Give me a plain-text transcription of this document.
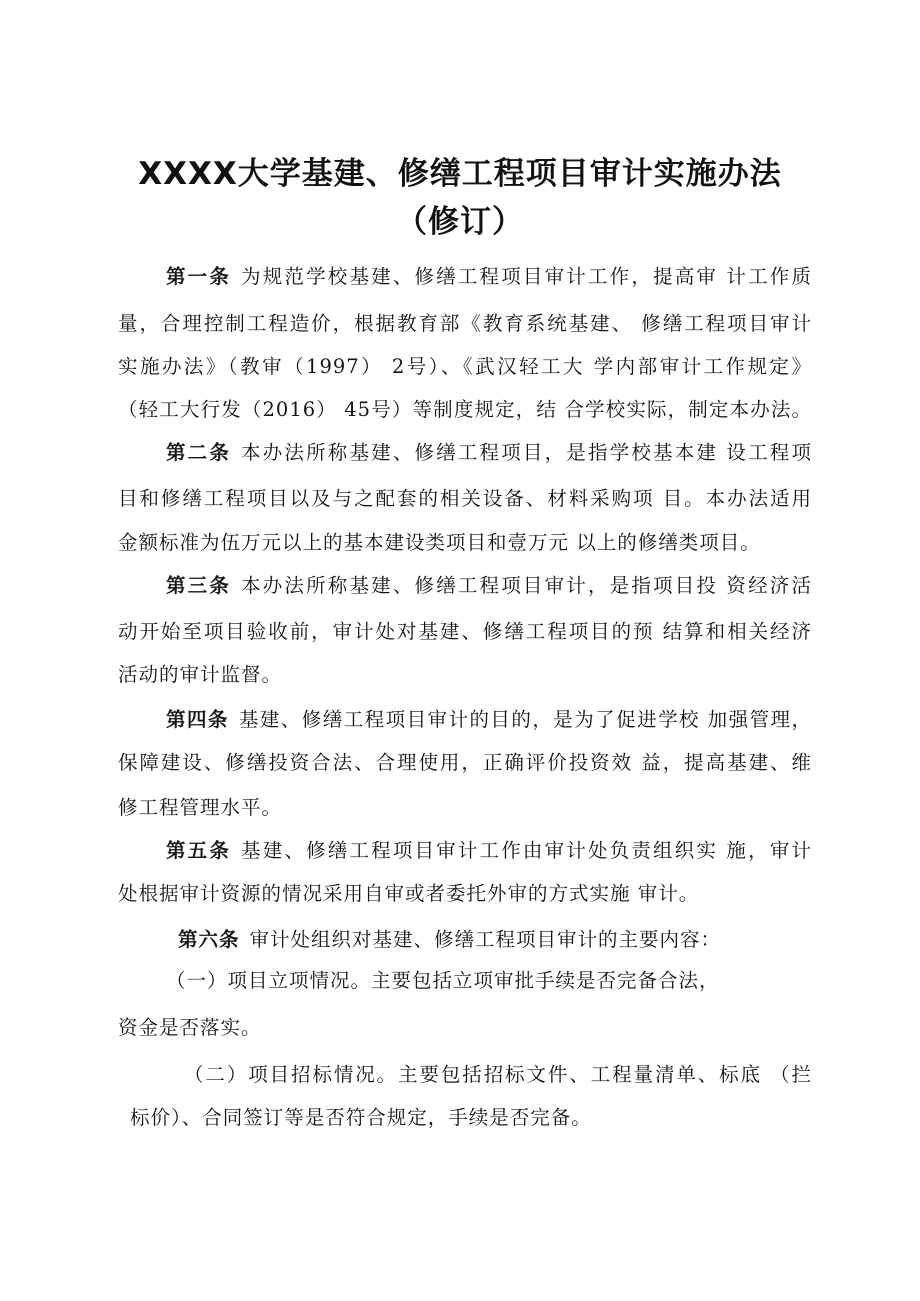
XXXX大学基建、修缮工程项目审计实施办法
（修订）
第一条 为规范学校基建、修缮工程项目审计工作，提高审 计工作质
量，合理控制工程造价，根据教育部《教育系统基建、 修缮工程项目审计
实施办法》（教审（1997） 2号）、《武汉轻工大 学内部审计工作规定》
（轻工大行发（2016） 45号）等制度规定，结 合学校实际，制定本办法。
第二条 本办法所称基建、修缮工程项目，是指学校基本建 设工程项
目和修缮工程项目以及与之配套的相关设备、材料采购项 目。本办法适用
金额标准为伍万元以上的基本建设类项目和壹万元 以上的修缮类项目。
第三条 本办法所称基建、修缮工程项目审计，是指项目投 资经济活
动开始至项目验收前，审计处对基建、修缮工程项目的预 结算和相关经济
活动的审计监督。
第四条 基建、修缮工程项目审计的目的，是为了促进学校 加强管理，
保障建设、修缮投资合法、合理使用，正确评价投资效 益，提高基建、维
修工程管理水平。
第五条 基建、修缮工程项目审计工作由审计处负责组织实 施，审计
处根据审计资源的情况采用自审或者委托外审的方式实施 审计。
第六条 审计处组织对基建、修缮工程项目审计的主要内容：
（一）项目立项情况。主要包括立项审批手续是否完备合法，
资金是否落实。
（二）项目招标情况。主要包括招标文件、工程量清单、标底 （拦
标价）、合同签订等是否符合规定，手续是否完备。
